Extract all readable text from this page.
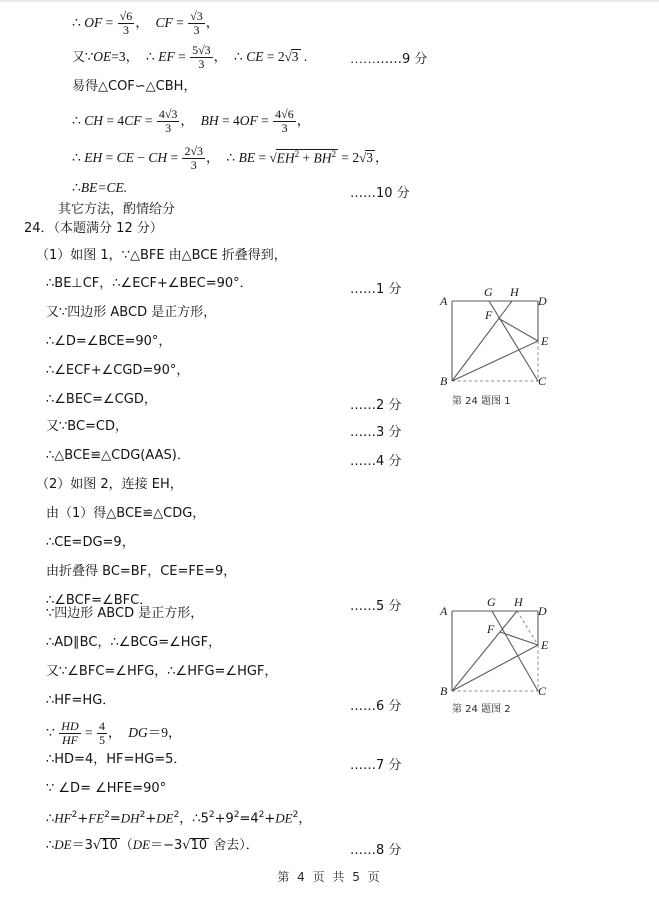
∴ OF = $\frac{√6}{3}$ ，  CF = $\frac{√3}{3}$ ，
又∵OE=3，  ∴ EF = $\frac{5√3}{3}$ ，  ∴ CE = 2√3 .	…………9 分
易得△COF∽△CBH，
∴ CH = $4CF = \frac{4√3}{3}$ ，  BH = $4OF = \frac{4√6}{3}$ ，
∴ EH = CE − CH = $\frac{2√3}{3}$ ，  ∴ BE = $√EH^2 + BH^2 = 2√3$ ，
∴BE=CE.	……10 分
其它方法，酌情给分
24．（本题满分 12 分）
（1）如图 1，∵△BFE 由△BCE 折叠得到，
∴BE⊥CF，∴∠ECF+∠BEC=90°．	……1 分
又∵四边形 ABCD 是正方形，
∴∠D=∠BCE=90°，
∴∠ECF+∠CGD=90°，
∴∠BEC=∠CGD，	……2 分
又∵BC=CD，	……3 分
∴△BCE≌△CDG(AAS)．	……4 分
（2）如图 2，连接 EH，
由（1）得△BCE≌△CDG，
∴CE=DG=9，
由折叠得 BC=BF，CE=FE=9，
∴∠BCF=∠BFC．	……5 分
∵四边形 ABCD 是正方形，
∴AD∥BC，∴∠BCG=∠HGF，
又∵∠BFC=∠HFG，∴∠HFG=∠HGF，
∴HF=HG．	……6 分
∵ $\frac{HD}{HF} = \frac{4}{5}$ ，  DG＝9，
∴HD=4，HF=HG=5．	……7 分
∵ ∠D= ∠HFE=90°
$\therefore HF^2+FE^2=DH^2+DE^2$，$\therefore 5^2+9^2=4^2+DE^2$，
∴DE＝3√10 （DE＝−3√10 舍去）．	……8 分
A	D
B	C
E
F
G H
第 24 题图 1
A	D
B	C
E
F
G H
第 24 题图 2
第 4 页 共 5 页
